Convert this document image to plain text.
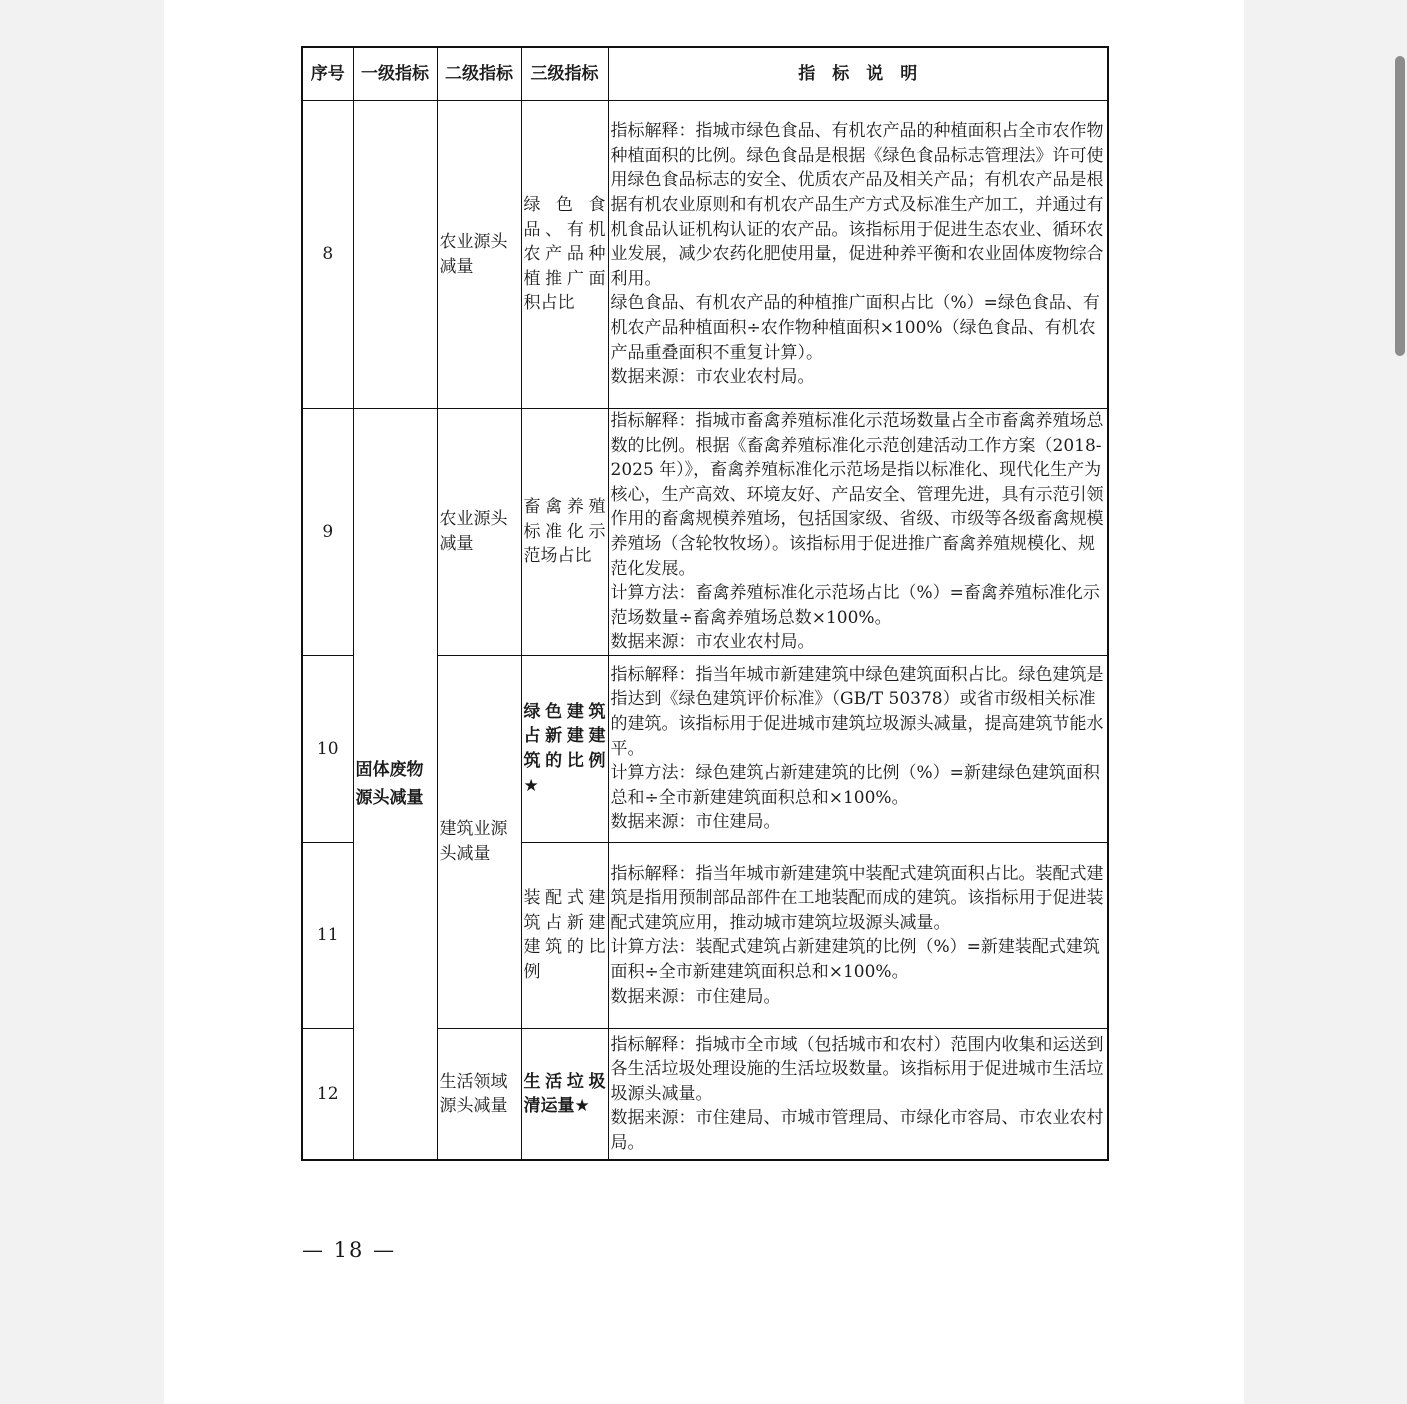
序号	一级指标	二级指标	三级指标	指　标　说　明
8		农业源头减量	绿色食品、有机农产品种植推广面积占比	指标解释：指城市绿色食品、有机农产品的种植面积占全市农作物种植面积的比例。绿色食品是根据《绿色食品标志管理法》许可使用绿色食品标志的安全、优质农产品及相关产品；有机农产品是根据有机农业原则和有机农产品生产方式及标准生产加工，并通过有机食品认证机构认证的农产品。该指标用于促进生态农业、循环农业发展，减少农药化肥使用量，促进种养平衡和农业固体废物综合利用。

绿色食品、有机农产品的种植推广面积占比（%）=绿色食品、有机农产品种植面积÷农作物种植面积×100%（绿色食品、有机农产品重叠面积不重复计算）。

数据来源：市农业农村局。

9	固体废物源头减量	农业源头减量	畜禽养殖标准化示范场占比	指标解释：指城市畜禽养殖标准化示范场数量占全市畜禽养殖场总数的比例。根据《畜禽养殖标准化示范创建活动工作方案（2018-2025 年）》，畜禽养殖标准化示范场是指以标准化、现代化生产为核心，生产高效、环境友好、产品安全、管理先进，具有示范引领作用的畜禽规模养殖场，包括国家级、省级、市级等各级畜禽规模养殖场（含轮牧牧场）。该指标用于促进推广畜禽养殖规模化、规范化发展。

计算方法：畜禽养殖标准化示范场占比（%）=畜禽养殖标准化示范场数量÷畜禽养殖场总数×100%。

数据来源：市农业农村局。

10		建筑业源头减量	绿色建筑占新建建筑的比例★	指标解释：指当年城市新建建筑中绿色建筑面积占比。绿色建筑是指达到《绿色建筑评价标准》（GB/T 50378）或省市级相关标准的建筑。该指标用于促进城市建筑垃圾源头减量，提高建筑节能水平。

计算方法：绿色建筑占新建建筑的比例（%）=新建绿色建筑面积总和÷全市新建建筑面积总和×100%。

数据来源：市住建局。

11			装配式建筑占新建建筑的比例	指标解释：指当年城市新建建筑中装配式建筑面积占比。装配式建筑是指用预制部品部件在工地装配而成的建筑。该指标用于促进装配式建筑应用，推动城市建筑垃圾源头减量。

计算方法：装配式建筑占新建建筑的比例（%）=新建装配式建筑面积÷全市新建建筑面积总和×100%。

数据来源：市住建局。

12		生活领域源头减量	生活垃圾清运量★	指标解释：指城市全市域（包括城市和农村）范围内收集和运送到各生活垃圾处理设施的生活垃圾数量。该指标用于促进城市生活垃圾源头减量。

数据来源：市住建局、市城市管理局、市绿化市容局、市农业农村局。

— 18 —
